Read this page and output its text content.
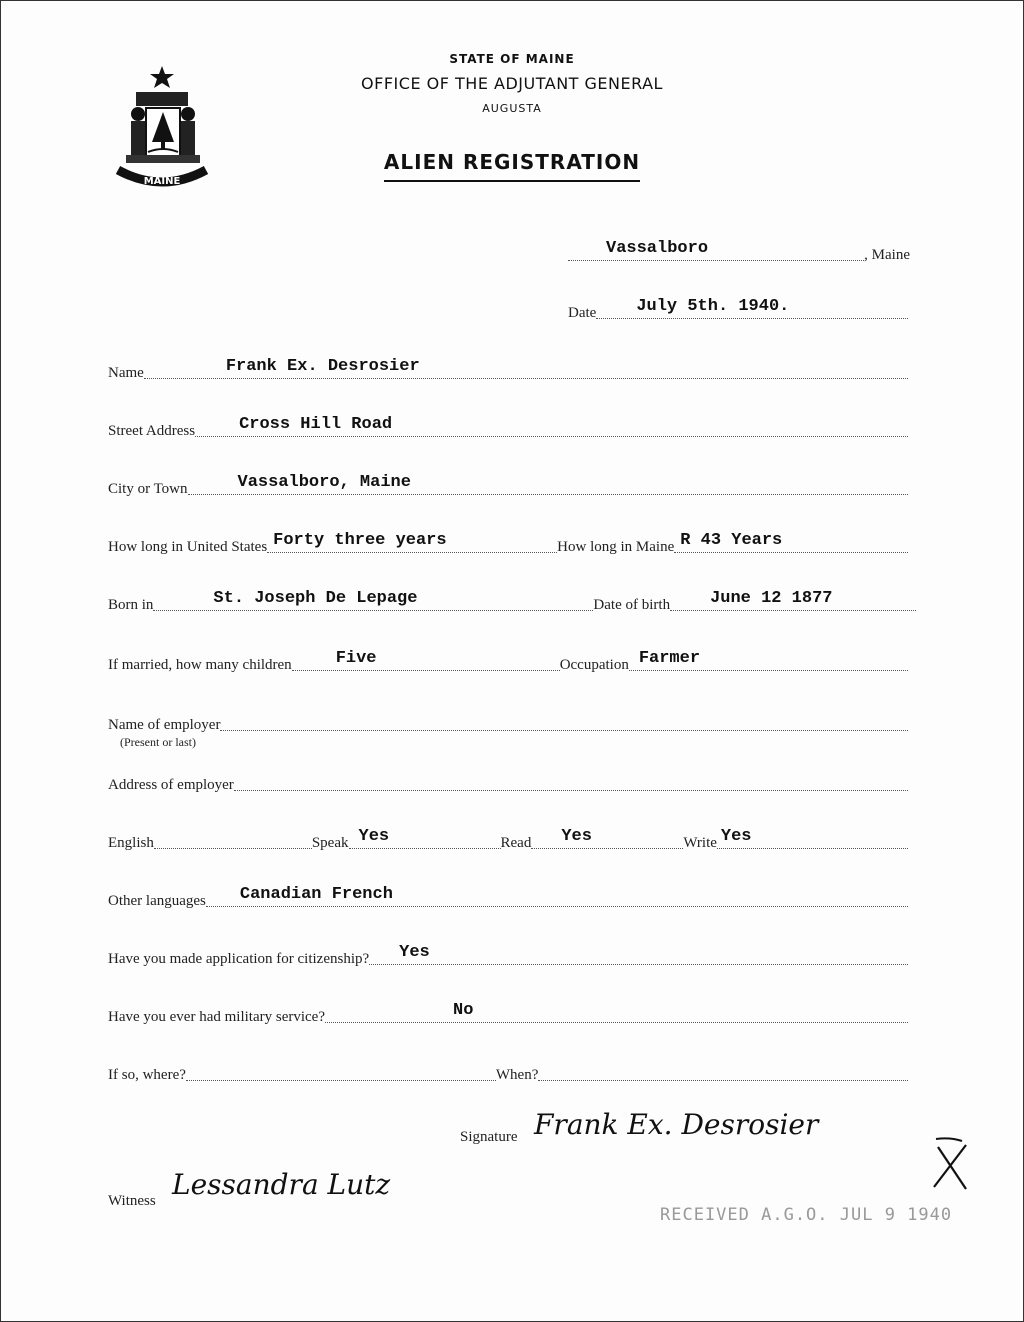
MAINE
STATE OF MAINE
OFFICE OF THE ADJUTANT GENERAL
AUGUSTA
ALIEN REGISTRATION
Vassalboro	, Maine
Date July 5th. 1940.
Name	Frank Ex. Desrosier
Street Address	Cross Hill Road
City or Town	Vassalboro, Maine
How long in United States Forty three years	How long in Maine R 43 Years
Born in	St. Joseph De Lepage	Date of birth June 12 1877
If married, how many children	Five	Occupation Farmer
Name of employer
(Present or last)
Address of employer
English	Speak Yes	Read Yes	Write Yes
Other languages Canadian French
Have you made application for citizenship? Yes
Have you ever had military service?	No
If so, where?	When?
Signature Frank Ex. Desrosier
Witness Lessandra Lutz
RECEIVED A.G.O. JUL 9 1940
